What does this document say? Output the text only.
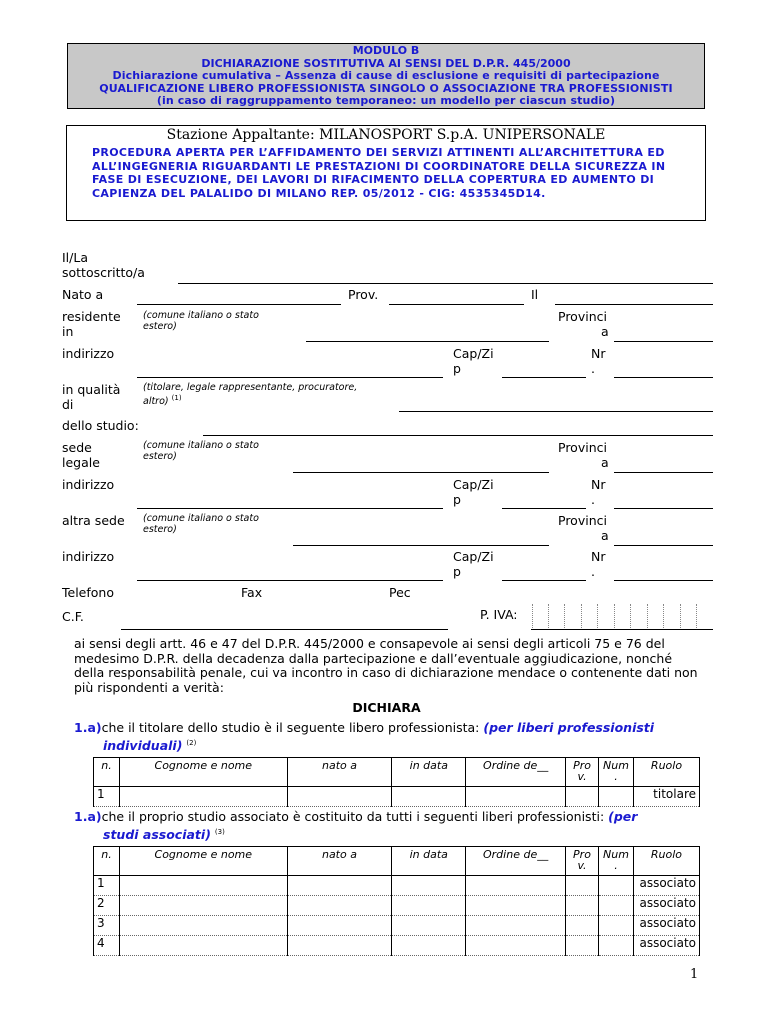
MODULO B
DICHIARAZIONE SOSTITUTIVA AI SENSI DEL D.P.R. 445/2000
Dichiarazione cumulativa – Assenza di cause di esclusione e requisiti di partecipazione
QUALIFICAZIONE LIBERO PROFESSIONISTA SINGOLO O ASSOCIAZIONE TRA PROFESSIONISTI
(in caso di raggruppamento temporaneo: un modello per ciascun studio)
Stazione Appaltante: MILANOSPORT S.p.A. UNIPERSONALE
PROCEDURA APERTA PER L’AFFIDAMENTO DEI SERVIZI ATTINENTI ALL’ARCHITETTURA ED ALL’INGEGNERIA RIGUARDANTI LE PRESTAZIONI DI COORDINATORE DELLA SICUREZZA IN FASE DI ESECUZIONE, DEI LAVORI DI RIFACIMENTO DELLA COPERTURA ED AUMENTO DI CAPIENZA DEL PALALIDO DI MILANO REP. 05/2012 - CIG: 4535345D14.
Il/La
sottoscritto/a
Nato a	Prov.	Il
residente
in
(comune italiano o stato
estero)
Provinci
a
indirizzo	Cap/Zi
p
Nr
.
in qualità
di
(titolare, legale rappresentante, procuratore,
altro) $^{(1)}$
dello studio:
sede
legale
(comune italiano o stato
estero)
Provinci
a
indirizzo	Cap/Zi
p
Nr
.
altra sede (comune italiano o stato
estero)
Provinci
a
indirizzo	Cap/Zi
p
Nr
.
Telefono	Fax	Pec
C.F.	P. IVA:
ai sensi degli artt. 46 e 47 del D.P.R. 445/2000 e consapevole ai sensi degli articoli 75 e 76 del medesimo D.P.R. della decadenza dalla partecipazione e dall’eventuale aggiudicazione, nonché della responsabilità penale, cui va incontro in caso di dichiarazione mendace o contenente dati non più rispondenti a verità:
DICHIARA
1.a)che il titolare dello studio è il seguente libero professionista: (per liberi professionisti
individuali) $^{(2)}$
n.	Cognome e nome	nato a	in data	Ordine de__	Pro v.	Num .	Ruolo
1							titolare
1.a)che il proprio studio associato è costituito da tutti i seguenti liberi professionisti: (per
studi associati) $^{(3)}$
n.	Cognome e nome	nato a	in data	Ordine de__	Pro v.	Num .	Ruolo
1							associato
2							associato
3							associato
4							associato
1
